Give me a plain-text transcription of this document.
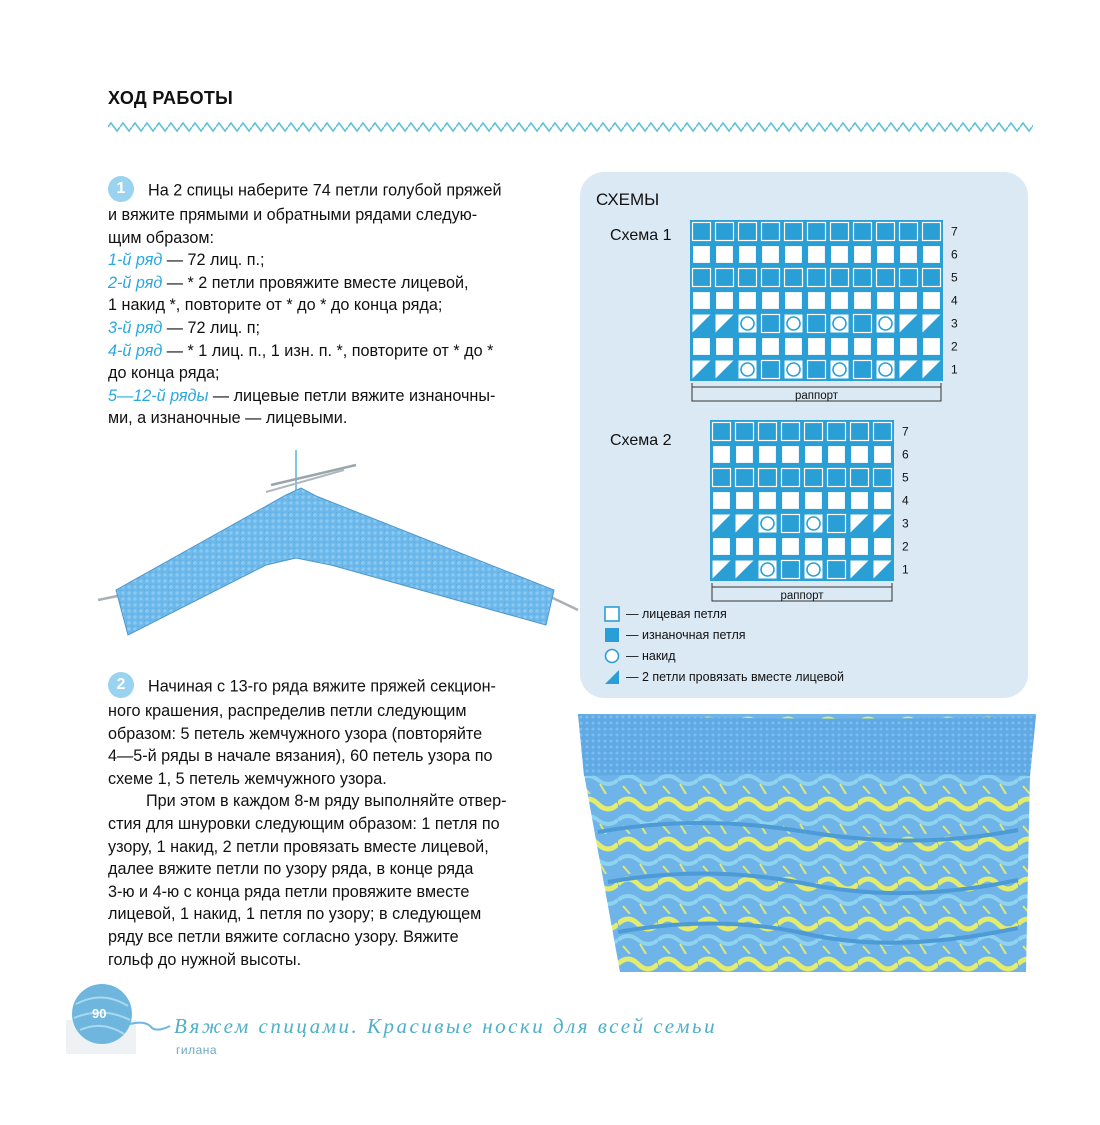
ХОД РАБОТЫ
1 На 2 спицы наберите 74 петли голубой пряжей
и вяжите прямыми и обратными рядами следую-
щим образом:
1-й ряд — 72 лиц. п.;
2-й ряд — * 2 петли провяжите вместе лицевой,
1 накид *, повторите от * до * до конца ряда;
3-й ряд — 72 лиц. п;
4-й ряд — * 1 лиц. п., 1 изн. п. *, повторите от * до *
до конца ряда;
5—12-й ряды — лицевые петли вяжите изнаночны-
ми, а изнаночные — лицевыми.
2 Начиная с 13-го ряда вяжите пряжей секцион-
ного крашения, распределив петли следующим
образом: 5 петель жемчужного узора (повторяйте
4—5-й ряды в начале вязания), 60 петель узора по
схеме 1, 5 петель жемчужного узора.
При этом в каждом 8-м ряду выполняйте отвер-
стия для шнуровки следующим образом: 1 петля по
узору, 1 накид, 2 петли провязать вместе лицевой,
далее вяжите петли по узору ряда, в конце ряда
3-ю и 4-ю с конца ряда петли провяжите вместе
лицевой, 1 накид, 1 петля по узору; в следующем
ряду все петли вяжите согласно узору. Вяжите
гольф до нужной высоты.
СХЕМЫ
Схема 1
Схема 2
7
6
5
4
3
2
1
раппорт
7
6
5
4
3
2
1
раппорт
— лицевая петля
— изнаночная петля
— накид
— 2 петли провязать вместе лицевой
90
Вяжем спицами. Красивые носки для всей семьи
гилана
